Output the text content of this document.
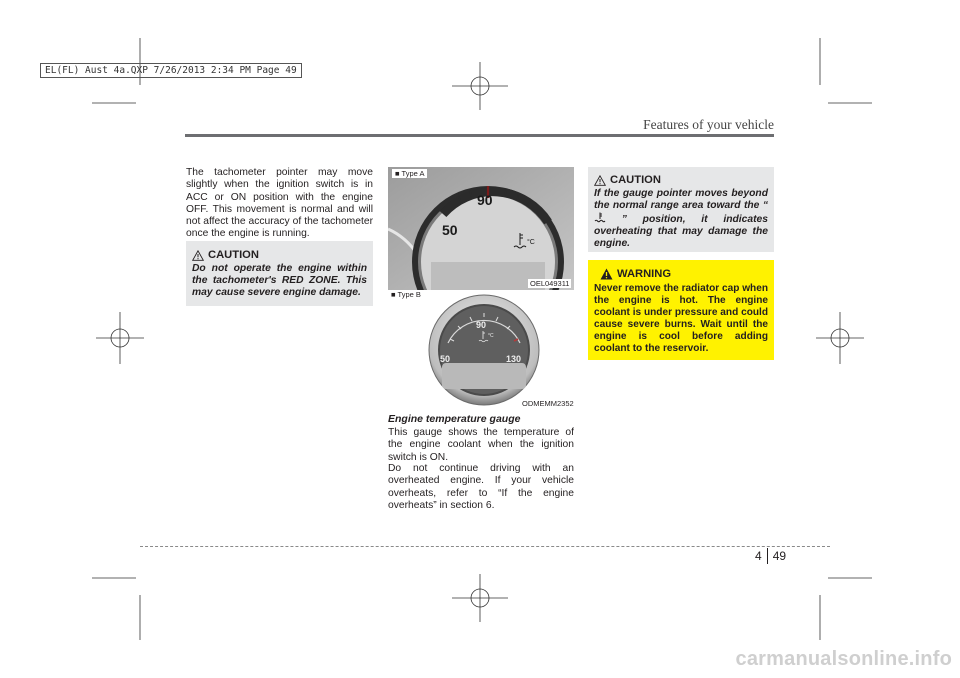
EL(FL) Aust 4a.QXP 7/26/2013 2:34 PM Page 49
Features of your vehicle
The tachometer pointer may move slightly when the ignition switch is in ACC or ON position with the engine OFF. This movement is normal and will not affect the accuracy of the tachometer once the engine is running.
CAUTION
Do not operate the engine within the tachometer's RED ZONE. This may cause severe engine damage.
90
50
°C
■ Type A
OEL049311
■ Type B
90
50	130
°C
ODMEMM2352
Engine temperature gauge
This gauge shows the temperature of the engine coolant when the ignition switch is ON.
Do not continue driving with an overheated engine. If your vehicle overheats, refer to “If the engine overheats” in section 6.
CAUTION
If the gauge pointer moves beyond the normal range area toward the “ ” position, it indicates overheating that may damage the engine.
WARNING
Never remove the radiator cap when the engine is hot. The engine coolant is under pressure and could cause severe burns. Wait until the engine is cool before adding coolant to the reservoir.
4 49
carmanualsonline.info
